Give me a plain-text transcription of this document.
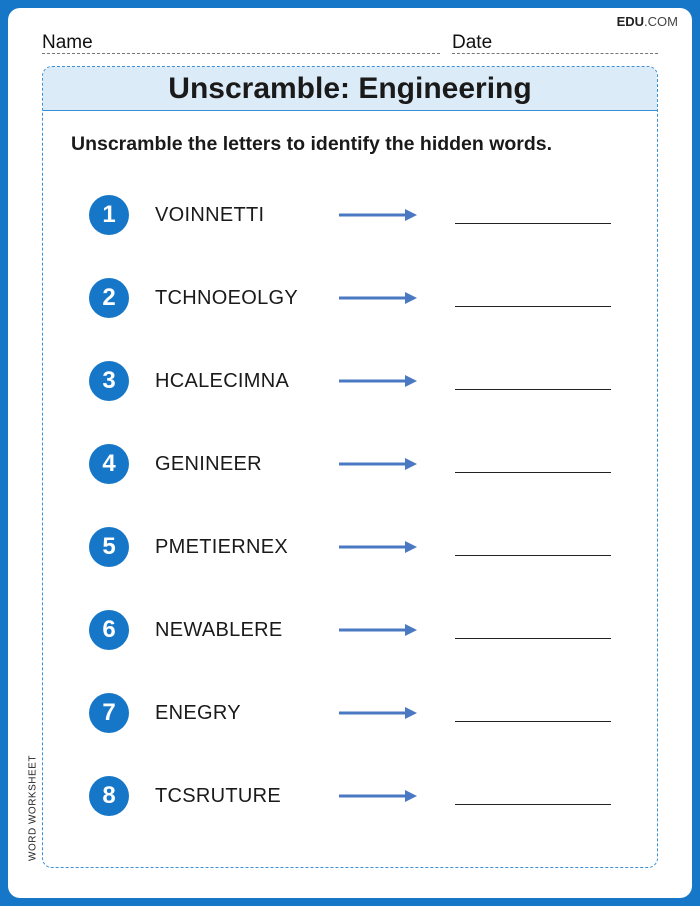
EDU.COM
Name	Date
Unscramble: Engineering
Unscramble the letters to identify the hidden words.
1	VOINNETTI
2	TCHNOEOLGY
3	HCALECIMNA
4	GENINEER
5	PMETIERNEX
6	NEWABLERE
7	ENEGRY
8	TCSRUTURE
WORD WORKSHEET
